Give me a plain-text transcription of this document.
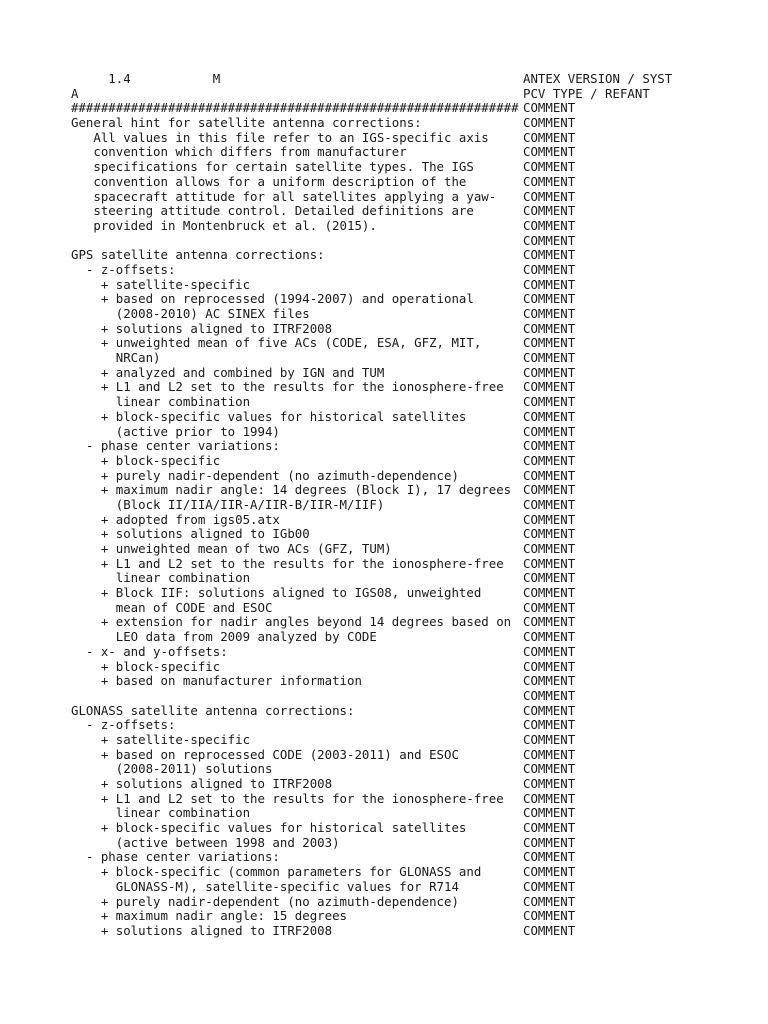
1.4           M	ANTEX VERSION / SYST
A	PCV TYPE / REFANT
############################################################ COMMENT
General hint for satellite antenna corrections:	COMMENT
All values in this file refer to an IGS-specific axis	COMMENT
convention which differs from manufacturer	COMMENT
specifications for certain satellite types. The IGS	COMMENT
convention allows for a uniform description of the	COMMENT
spacecraft attitude for all satellites applying a yaw- COMMENT
steering attitude control. Detailed definitions are	COMMENT
provided in Montenbruck et al. (2015).	COMMENT
COMMENT
GPS satellite antenna corrections:	COMMENT
- z-offsets:	COMMENT
+ satellite-specific	COMMENT
+ based on reprocessed (1994-2007) and operational	COMMENT
(2008-2010) AC SINEX files	COMMENT
+ solutions aligned to ITRF2008	COMMENT
+ unweighted mean of five ACs (CODE, ESA, GFZ, MIT,	COMMENT
NRCan)	COMMENT
+ analyzed and combined by IGN and TUM	COMMENT
+ L1 and L2 set to the results for the ionosphere-free COMMENT
linear combination	COMMENT
+ block-specific values for historical satellites	COMMENT
(active prior to 1994)	COMMENT
- phase center variations:	COMMENT
+ block-specific	COMMENT
+ purely nadir-dependent (no azimuth-dependence)	COMMENT
+ maximum nadir angle: 14 degrees (Block I), 17 degrees COMMENT
(Block II/IIA/IIR-A/IIR-B/IIR-M/IIF)	COMMENT
+ adopted from igs05.atx	COMMENT
+ solutions aligned to IGb00	COMMENT
+ unweighted mean of two ACs (GFZ, TUM)	COMMENT
+ L1 and L2 set to the results for the ionosphere-free COMMENT
linear combination	COMMENT
+ Block IIF: solutions aligned to IGS08, unweighted	COMMENT
mean of CODE and ESOC	COMMENT
+ extension for nadir angles beyond 14 degrees based on COMMENT
LEO data from 2009 analyzed by CODE	COMMENT
- x- and y-offsets:	COMMENT
+ block-specific	COMMENT
+ based on manufacturer information	COMMENT
COMMENT
GLONASS satellite antenna corrections:	COMMENT
- z-offsets:	COMMENT
+ satellite-specific	COMMENT
+ based on reprocessed CODE (2003-2011) and ESOC	COMMENT
(2008-2011) solutions	COMMENT
+ solutions aligned to ITRF2008	COMMENT
+ L1 and L2 set to the results for the ionosphere-free COMMENT
linear combination	COMMENT
+ block-specific values for historical satellites	COMMENT
(active between 1998 and 2003)	COMMENT
- phase center variations:	COMMENT
+ block-specific (common parameters for GLONASS and	COMMENT
GLONASS-M), satellite-specific values for R714	COMMENT
+ purely nadir-dependent (no azimuth-dependence)	COMMENT
+ maximum nadir angle: 15 degrees	COMMENT
+ solutions aligned to ITRF2008	COMMENT
